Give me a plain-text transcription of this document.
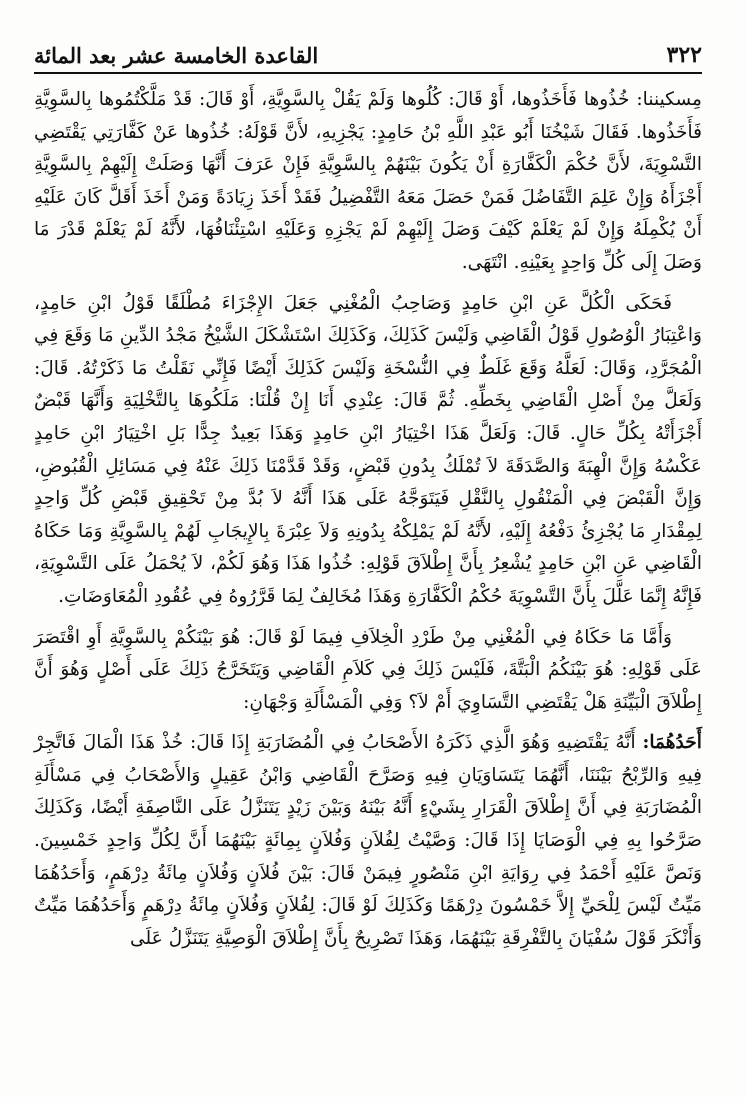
٣٢٢
القاعدة الخامسة عشر بعد المائة

مِسكيننا: خُذُوها فَأَخَذُوها، أَوْ قَالَ: كُلُوها وَلَمْ يَقُلْ بِالسَّوِيَّةِ، أَوْ قَالَ: قَدْ مَلَّكْتُمُوها بِالسَّوِيَّةِ فَأَخَذُوها. فَقَالَ شَيْخُنَا أَبُو عَبْدِ اللَّهِ بْنُ حَامِدٍ: يَجْزِيهِ، لأَنَّ قَوْلَهُ: خُذُوها عَنْ كَفَّارَتِي يَقْتَضِي التَّسْوِيَةَ، لأَنَّ حُكْمَ الْكَفَّارَةِ أَنْ يَكُونَ بَيْنَهُمْ بِالسَّوِيَّةِ فَإِنْ عَرَفَ أَنَّهَا وَصَلَتْ إِلَيْهِمْ بِالسَّوِيَّةِ أَجْزَأَهُ وَإِنْ عَلِمَ التَّفَاضُلَ فَمَنْ حَصَلَ مَعَهُ التَّفْضِيلُ فَقَدْ أَخَذَ زِيَادَةً وَمَنْ أَخَذَ أَقَلَّ كَانَ عَلَيْهِ أَنْ يُكْمِلَهُ وَإِنْ لَمْ يَعْلَمْ كَيْفَ وَصَلَ إِلَيْهِمْ لَمْ يَجْزِهِ وَعَلَيْهِ اسْتِئْنَافُهَا، لأَنَّهُ لَمْ يَعْلَمْ قَدْرَ مَا وَصَلَ إِلَى كُلِّ وَاحِدٍ بِعَيْنِهِ. انْتَهَى.

فَحَكَى الْكُلَّ عَنِ ابْنِ حَامِدٍ وَصَاحِبُ الْمُغْنِي جَعَلَ الإِجْزَاءَ مُطْلَقًا قَوْلُ ابْنِ حَامِدٍ، وَاعْتِبَارُ الْوُصُولِ قَوْلُ الْقَاضِي وَلَيْسَ كَذَلِكَ، وَكَذَلِكَ اسْتَشْكَلَ الشَّيْخُ مَجْدُ الدِّينِ مَا وَقَعَ فِي الْمُجَرَّدِ، وَقَالَ: لَعَلَّهُ وَقَعَ غَلَطٌ فِي النُّسْخَةِ وَلَيْسَ كَذَلِكَ أَيْضًا فَإِنِّي نَقَلْتُ مَا ذَكَرْتُهُ. قَالَ: وَلَعَلَّ مِنْ أَصْلِ الْقَاضِي بِخَطِّهِ. ثُمَّ قَالَ: عِنْدِي أَنَا إِنْ قُلْنَا: مَلَكُوهَا بِالتَّخْلِيَةِ وَأَنَّهَا قَبْضٌ أَجْزَأَتْهُ بِكُلِّ حَالٍ. قَالَ: وَلَعَلَّ هَذَا اخْتِيَارُ ابْنِ حَامِدٍ وَهَذَا بَعِيدٌ جِدًّا بَلِ اخْتِيَارُ ابْنِ حَامِدٍ عَكْسُهُ وَإِنَّ الْهِبَةَ وَالصَّدَقَةَ لاَ تُمْلَكُ بِدُونِ قَبْضٍ، وَقَدْ قَدَّمْنَا ذَلِكَ عَنْهُ فِي مَسَائِلِ الْقُبُوضِ، وَإِنَّ الْقَبْضَ فِي الْمَنْقُولِ بِالنَّقْلِ فَيَتَوَجَّهُ عَلَى هَذَا أَنَّهُ لاَ بُدَّ مِنْ تَحْقِيقِ قَبْضِ كُلِّ وَاحِدٍ لِمِقْدَارِ مَا يُجْزِئُ دَفْعُهُ إِلَيْهِ، لأَنَّهُ لَمْ يَمْلِكْهُ بِدُونِهِ وَلاَ عِبْرَةَ بِالإِيجَابِ لَهُمْ بِالسَّوِيَّةِ وَمَا حَكَاهُ الْقَاضِي عَنِ ابْنِ حَامِدٍ يُشْعِرُ بِأَنَّ إِطْلاَقَ قَوْلِهِ: خُذُوا هَذَا وَهُوَ لَكُمْ، لاَ يُحْمَلُ عَلَى التَّسْوِيَةِ، فَإِنَّهُ إِنَّمَا عَلَّلَ بِأَنَّ التَّسْوِيَةَ حُكْمُ الْكَفَّارَةِ وَهَذَا مُخَالِفٌ لِمَا قَرَّرُوهُ فِي عُقُودِ الْمُعَاوَضَاتِ.

وَأَمَّا مَا حَكَاهُ فِي الْمُغْنِي مِنْ طَرْدِ الْخِلاَفِ فِيمَا لَوْ قَالَ: هُوَ بَيْنَكُمْ بِالسَّوِيَّةِ أَوِ اقْتَصَرَ عَلَى قَوْلِهِ: هُوَ بَيْنَكُمُ الْبَتَّةَ، فَلَيْسَ ذَلِكَ فِي كَلاَمِ الْقَاضِي وَيَتَخَرَّجُ ذَلِكَ عَلَى أَصْلٍ وَهُوَ أَنَّ إِطْلاَقَ الْبَيِّنَةِ هَلْ يَقْتَضِي التَّسَاوِيَ أَمْ لاَ؟ وَفِي الْمَسْأَلَةِ وَجْهَانِ:

أَحَدُهُمَا: أَنَّهُ يَقْتَضِيهِ وَهُوَ الَّذِي ذَكَرَهُ الأَصْحَابُ فِي الْمُضَارَبَةِ إِذَا قَالَ: خُذْ هَذَا الْمَالَ فَاتَّجِرْ فِيهِ وَالرِّبْحُ بَيْنَنَا، أَنَّهُمَا يَتَسَاوَيَانِ فِيهِ وَصَرَّحَ الْقَاضِي وَابْنُ عَقِيلٍ وَالأَصْحَابُ فِي مَسْأَلَةِ الْمُضَارَبَةِ فِي أَنَّ إِطْلاَقَ الْقَرَارِ بِشَيْءٍ أَنَّهُ بَيْنَهُ وَبَيْنَ زَيْدٍ يَتَنَزَّلُ عَلَى النَّاصِفَةِ أَيْضًا، وَكَذَلِكَ صَرَّحُوا بِهِ فِي الْوَصَايَا إِذَا قَالَ: وَصَّيْتُ لِفُلاَنٍ وَفُلاَنٍ بِمِائَةٍ بَيْنَهُمَا أَنَّ لِكُلِّ وَاحِدٍ خَمْسِينَ. وَنَصَّ عَلَيْهِ أَحْمَدُ فِي رِوَايَةِ ابْنِ مَنْصُورٍ فِيمَنْ قَالَ: بَيْنَ فُلاَنٍ وَفُلاَنٍ مِائَةُ دِرْهَمٍ، وَأَحَدُهُمَا مَيِّتٌ لَيْسَ لِلْحَيِّ إِلاَّ خَمْسُونَ دِرْهَمًا وَكَذَلِكَ لَوْ قَالَ: لِفُلاَنٍ وَفُلاَنٍ مِائَةُ دِرْهَمٍ وَأَحَدُهُمَا مَيِّتٌ وَأَنْكَرَ قَوْلَ سُفْيَانَ بِالتَّفْرِقَةِ بَيْنَهُمَا، وَهَذَا تَصْرِيحٌ بِأَنَّ إِطْلاَقَ الْوَصِيَّةِ يَتَنَزَّلُ عَلَى
